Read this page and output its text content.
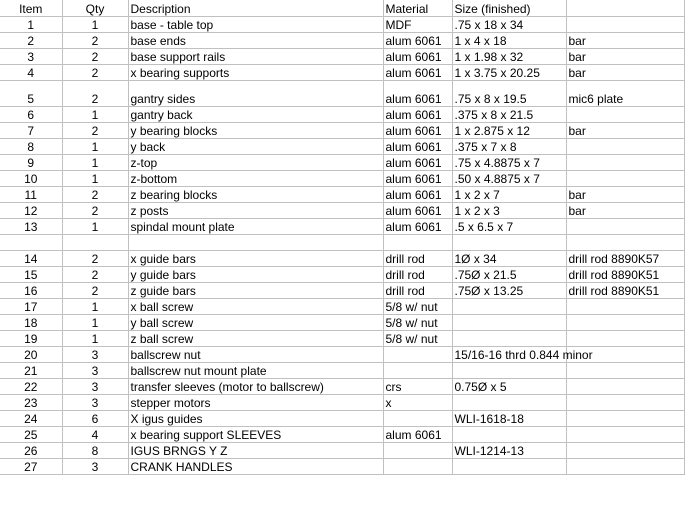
Item	Qty	Description	Material	Size (finished)	
1	1	base - table top	MDF	.75 x 18 x 34	
2	2	base ends	alum 6061	1 x 4 x 18	bar
3	2	base support rails	alum 6061	1 x 1.98 x 32	bar
4	2	x bearing supports	alum 6061	1 x 3.75 x 20.25	bar
5	2	gantry sides	alum 6061	.75 x 8 x 19.5	mic6 plate
6	1	gantry back	alum 6061	.375 x 8 x 21.5	
7	2	y bearing blocks	alum 6061	1 x 2.875 x 12	bar
8	1	y back	alum 6061	.375 x 7 x 8	
9	1	z-top	alum 6061	.75 x 4.8875 x 7	
10	1	z-bottom	alum 6061	.50 x 4.8875 x 7	
11	2	z bearing blocks	alum 6061	1 x 2 x 7	bar
12	2	z posts	alum 6061	1 x 2 x 3	bar
13	1	spindal mount plate	alum 6061	.5 x 6.5 x 7	

14	2	x guide bars	drill rod	1Ø x 34	drill rod 8890K57
15	2	y guide bars	drill rod	.75Ø x 21.5	drill rod 8890K51
16	2	z guide bars	drill rod	.75Ø x 13.25	drill rod 8890K51
17	1	x ball screw	5/8 w/ nut		
18	1	y ball screw	5/8 w/ nut		
19	1	z ball screw	5/8 w/ nut		
20	3	ballscrew nut		15/16-16 thrd 0.844 minor	
21	3	ballscrew nut mount plate			
22	3	transfer sleeves (motor to ballscrew)	crs	0.75Ø x 5	
23	3	stepper motors	x		
24	6	X igus guides		WLI-1618-18	
25	4	x bearing support SLEEVES	alum 6061		
26	8	IGUS BRNGS Y Z		WLI-1214-13	
27	3	CRANK HANDLES			
